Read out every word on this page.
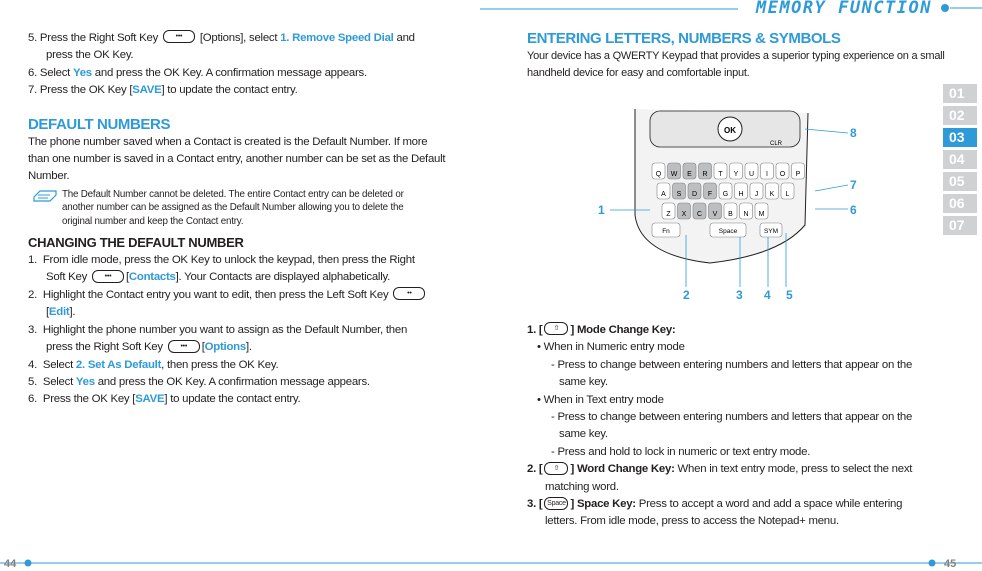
MEMORY FUNCTION
01
02
03
04
05
06
07
5. Press the Right Soft Key ••• [Options], select 1. Remove Speed Dial and
press the OK Key.
6. Select Yes and press the OK Key. A confirmation message appears.
7. Press the OK Key [SAVE] to update the contact entry.
DEFAULT NUMBERS
The phone number saved when a Contact is created is the Default Number. If more
than one number is saved in a Contact entry, another number can be set as the Default
Number.
The Default Number cannot be deleted. The entire Contact entry can be deleted or
another number can be assigned as the Default Number allowing you to delete the
original number and keep the Contact entry.
CHANGING THE DEFAULT NUMBER
1.  From idle mode, press the OK Key to unlock the keypad, then press the Right
Soft Key ••• [Contacts]. Your Contacts are displayed alphabetically.
2.  Highlight the Contact entry you want to edit, then press the Left Soft Key ••
[Edit].
3.  Highlight the phone number you want to assign as the Default Number, then
press the Right Soft Key ••• [Options].
4.  Select 2. Set As Default, then press the OK Key.
5.  Select Yes and press the OK Key. A confirmation message appears.
6.  Press the OK Key [SAVE] to update the contact entry.
ENTERING LETTERS, NUMBERS & SYMBOLS
Your device has a QWERTY Keypad that provides a superior typing experience on a small
handheld device for easy and comfortable input.
OK
CLR
Q W E R T Y U I O P
A S D F G H J K L
Z X C V B N M
Fn	Space	SYM
1
2	3 4 5
6
7
8
1. [ ⇧ ] Mode Change Key:
• When in Numeric entry mode
- Press to change between entering numbers and letters that appear on the
same key.
• When in Text entry mode
- Press to change between entering numbers and letters that appear on the
same key.
- Press and hold to lock in numeric or text entry mode.
2. [ ⇧ ] Word Change Key: When in text entry mode, press to select the next
matching word.
3. [ Space ] Space Key: Press to accept a word and add a space while entering
letters. From idle mode, press to access the Notepad+ menu.
44	45
